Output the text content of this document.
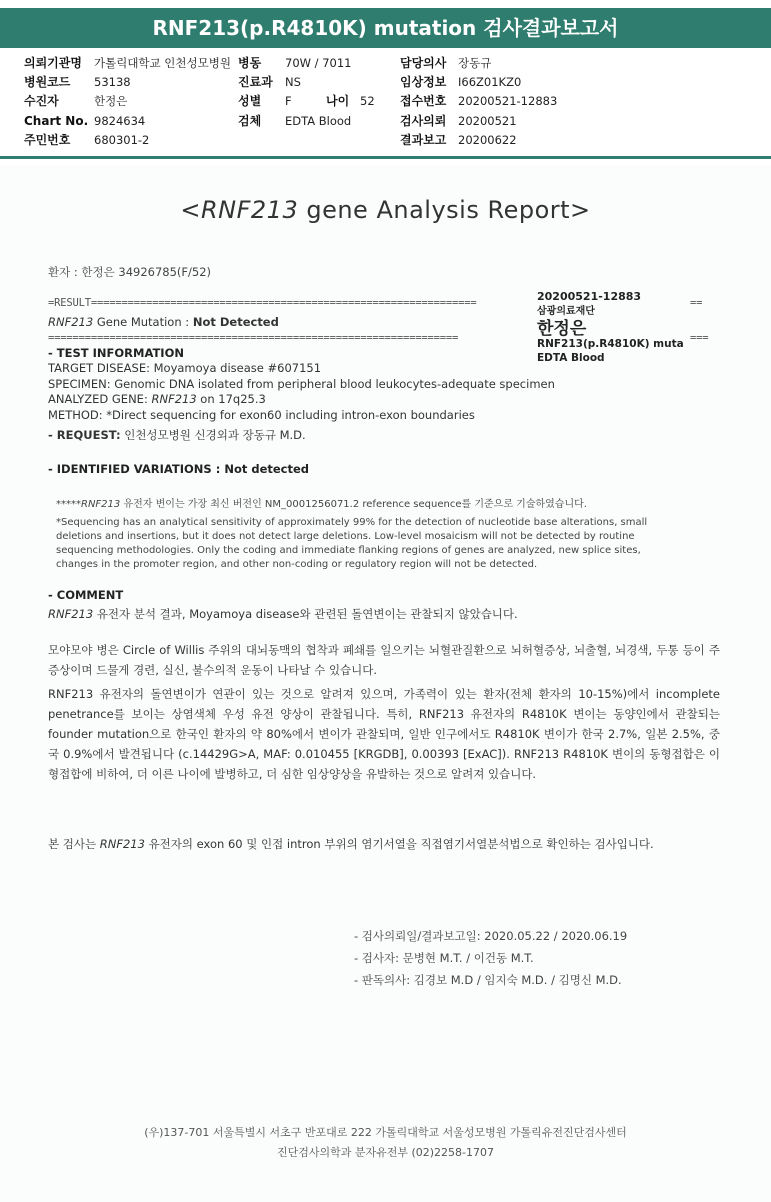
RNF213(p.R4810K) mutation 검사결과보고서
의뢰기관명 가톨릭대학교 인천성모병원 병동 70W / 7011	담당의사 장동규
병원코드 53138	진료과 NS	임상정보 I66Z01KZ0
수진자	한정은	성별 F	나이 52 접수번호 20200521-12883
Chart No. 9824634	검체 EDTA Blood	검사의뢰 20200521
주민번호 680301-2	결과보고 20200622
<RNF213 gene Analysis Report>
환자 : 한정은 34926785(F/52)
=RESULT===============================================================	==
RNF213 Gene Mutation : Not Detected
===================================================================	===
20200521-12883
삼광의료재단
한정은
RNF213(p.R4810K) muta
EDTA Blood
- TEST INFORMATION
TARGET DISEASE: Moyamoya disease #607151
SPECIMEN: Genomic DNA isolated from peripheral blood leukocytes-adequate specimen
ANALYZED GENE: RNF213 on 17q25.3
METHOD: *Direct sequencing for exon60 including intron-exon boundaries
- REQUEST: 인천성모병원 신경외과 장동규 M.D.
- IDENTIFIED VARIATIONS : Not detected
*****RNF213 유전자 변이는 가장 최신 버전인 NM_0001256071.2 reference sequence를 기준으로 기술하였습니다.
*Sequencing has an analytical sensitivity of approximately 99% for the detection of nucleotide base alterations, small
deletions and insertions, but it does not detect large deletions. Low-level mosaicism will not be detected by routine
sequencing methodologies. Only the coding and immediate flanking regions of genes are analyzed, new splice sites,
changes in the promoter region, and other non-coding or regulatory region will not be detected.
- COMMENT
RNF213 유전자 분석 결과, Moyamoya disease와 관련된 돌연변이는 관찰되지 않았습니다.
모야모야 병은 Circle of Willis 주위의 대뇌동맥의 협착과 폐쇄를 일으키는 뇌혈관질환으로 뇌허혈증상, 뇌출혈, 뇌경색, 두통 등이 주증상이며 드물게 경련, 실신, 불수의적 운동이 나타날 수 있습니다.
RNF213 유전자의 돌연변이가 연관이 있는 것으로 알려져 있으며, 가족력이 있는 환자(전체 환자의 10-15%)에서 incomplete penetrance를 보이는 상염색체 우성 유전 양상이 관찰됩니다. 특히, RNF213 유전자의 R4810K 변이는 동양인에서 관찰되는 founder mutation으로 한국인 환자의 약 80%에서 변이가 관찰되며, 일반 인구에서도 R4810K 변이가 한국 2.7%, 일본 2.5%, 중국 0.9%에서 발견됩니다 (c.14429G>A, MAF: 0.010455 [KRGDB], 0.00393 [ExAC]). RNF213 R4810K 변이의 동형접합은 이형접합에 비하여, 더 이른 나이에 발병하고, 더 심한 임상양상을 유발하는 것으로 알려져 있습니다.
본 검사는 RNF213 유전자의 exon 60 및 인접 intron 부위의 염기서열을 직접염기서열분석법으로 확인하는 검사입니다.
- 검사의뢰일/결과보고일: 2020.05.22 / 2020.06.19
- 검사자: 문병현 M.T. / 이건동 M.T.
- 판독의사: 김경보 M.D / 임지숙 M.D. / 김명신 M.D.
(우)137-701 서울특별시 서초구 반포대로 222 가톨릭대학교 서울성모병원 가톨릭유전진단검사센터
진단검사의학과 분자유전부 (02)2258-1707
